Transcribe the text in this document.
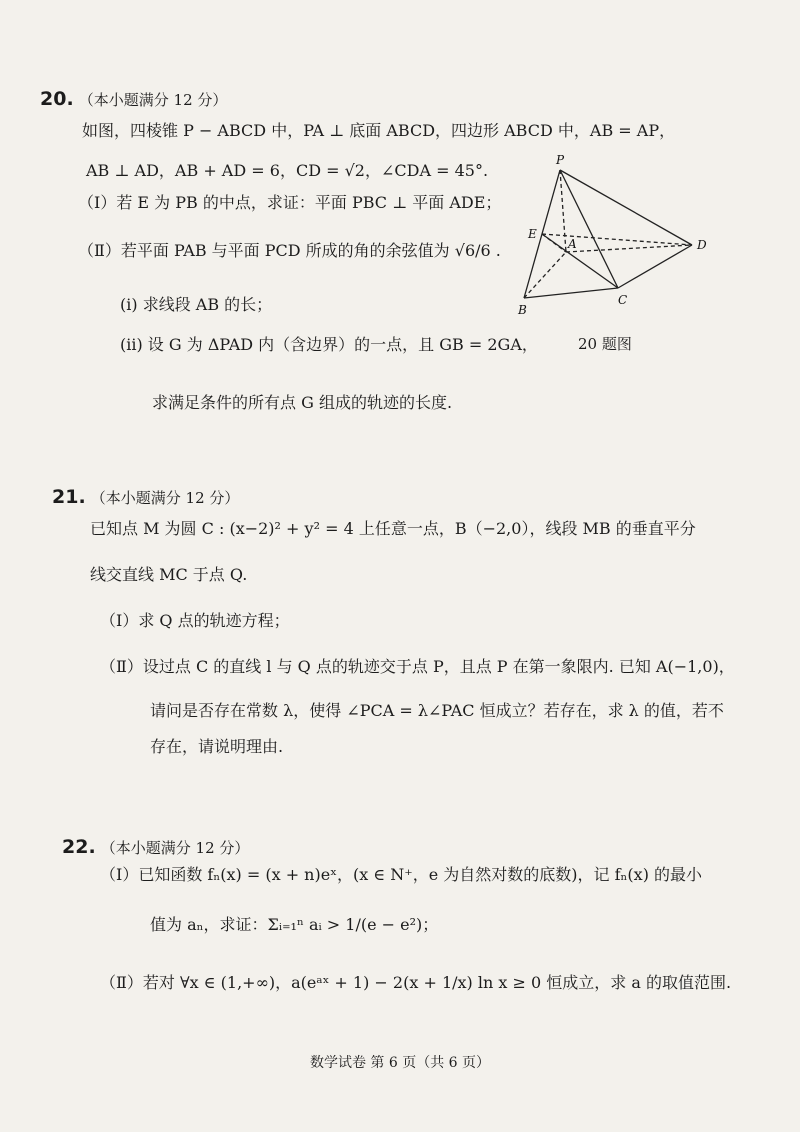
20. （本小题满分 12 分）
如图，四棱锥 P − ABCD 中，PA ⊥ 底面 ABCD，四边形 ABCD 中，AB = AP，
AB ⊥ AD，AB + AD = 6，CD = √2，∠CDA = 45°.
（Ⅰ）若 E 为 PB 的中点，求证：平面 PBC ⊥ 平面 ADE；
（Ⅱ）若平面 PAB 与平面 PCD 所成的角的余弦值为 √6/6 .
(i) 求线段 AB 的长；
(ii) 设 G 为 ΔPAD 内（含边界）的一点，且 GB = 2GA，
求满足条件的所有点 G 组成的轨迹的长度.
P
E
A	D
B
C
20 题图
21. （本小题满分 12 分）
已知点 M 为圆 C : (x−2)² + y² = 4 上任意一点，B（−2,0），线段 MB 的垂直平分
线交直线 MC 于点 Q.
（Ⅰ）求 Q 点的轨迹方程；
（Ⅱ）设过点 C 的直线 l 与 Q 点的轨迹交于点 P，且点 P 在第一象限内. 已知 A(−1,0)，
请问是否存在常数 λ，使得 ∠PCA = λ∠PAC 恒成立？若存在，求 λ 的值，若不
存在，请说明理由.
22. （本小题满分 12 分）
（Ⅰ）已知函数 fₙ(x) = (x + n)eˣ，(x ∈ N⁺，e 为自然对数的底数)，记 fₙ(x) 的最小
值为 aₙ，求证：Σᵢ₌₁ⁿ aᵢ > 1/(e − e²)；
（Ⅱ）若对 ∀x ∈ (1,+∞)，a(eᵃˣ + 1) − 2(x + 1/x) ln x ≥ 0 恒成立，求 a 的取值范围.
数学试卷 第 6 页（共 6 页）
